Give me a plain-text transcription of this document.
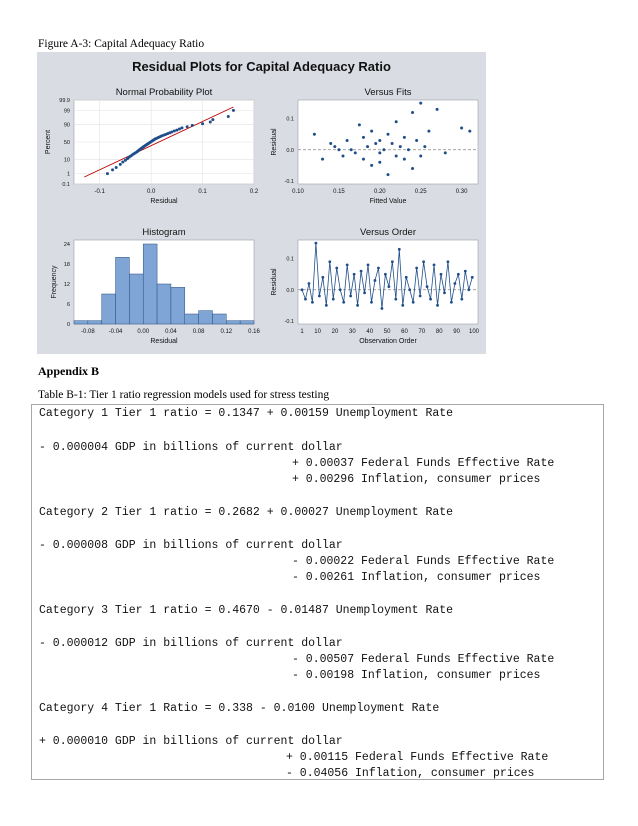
Figure A-3: Capital Adequacy Ratio
Residual Plots for Capital Adequacy Ratio
Normal Probability Plot
99.9
99
90
50
10
1
0.1
-0.1	0.0	0.1	0.2
Residual
Percent
Versus Fits
0.1
0.0
-0.1
0.10	0.15	0.20	0.25	0.30
Fitted Value
Residual
Histogram
24
18
12
6
0
-0.08 -0.04	0.00	0.04	0.08	0.12	0.16
Residual
Frequency
Versus Order
0.1
0.0
-0.1
1 10 20 30 40 50 60 70 80 90 100
Observation Order
Residual
Appendix B
Table B-1: Tier 1 ratio regression models used for stress testing
Category 1 Tier 1 ratio = 0.1347 + 0.00159 Unemployment Rate
- 0.000004 GDP in billions of current dollar
+ 0.00037 Federal Funds Effective Rate
+ 0.00296 Inflation, consumer prices
Category 2 Tier 1 ratio = 0.2682 + 0.00027 Unemployment Rate
- 0.000008 GDP in billions of current dollar
- 0.00022 Federal Funds Effective Rate
- 0.00261 Inflation, consumer prices
Category 3 Tier 1 ratio = 0.4670 - 0.01487 Unemployment Rate
- 0.000012 GDP in billions of current dollar
- 0.00507 Federal Funds Effective Rate
- 0.00198 Inflation, consumer prices
Category 4 Tier 1 Ratio = 0.338 - 0.0100 Unemployment Rate
+ 0.000010 GDP in billions of current dollar
+ 0.00115 Federal Funds Effective Rate
- 0.04056 Inflation, consumer prices
